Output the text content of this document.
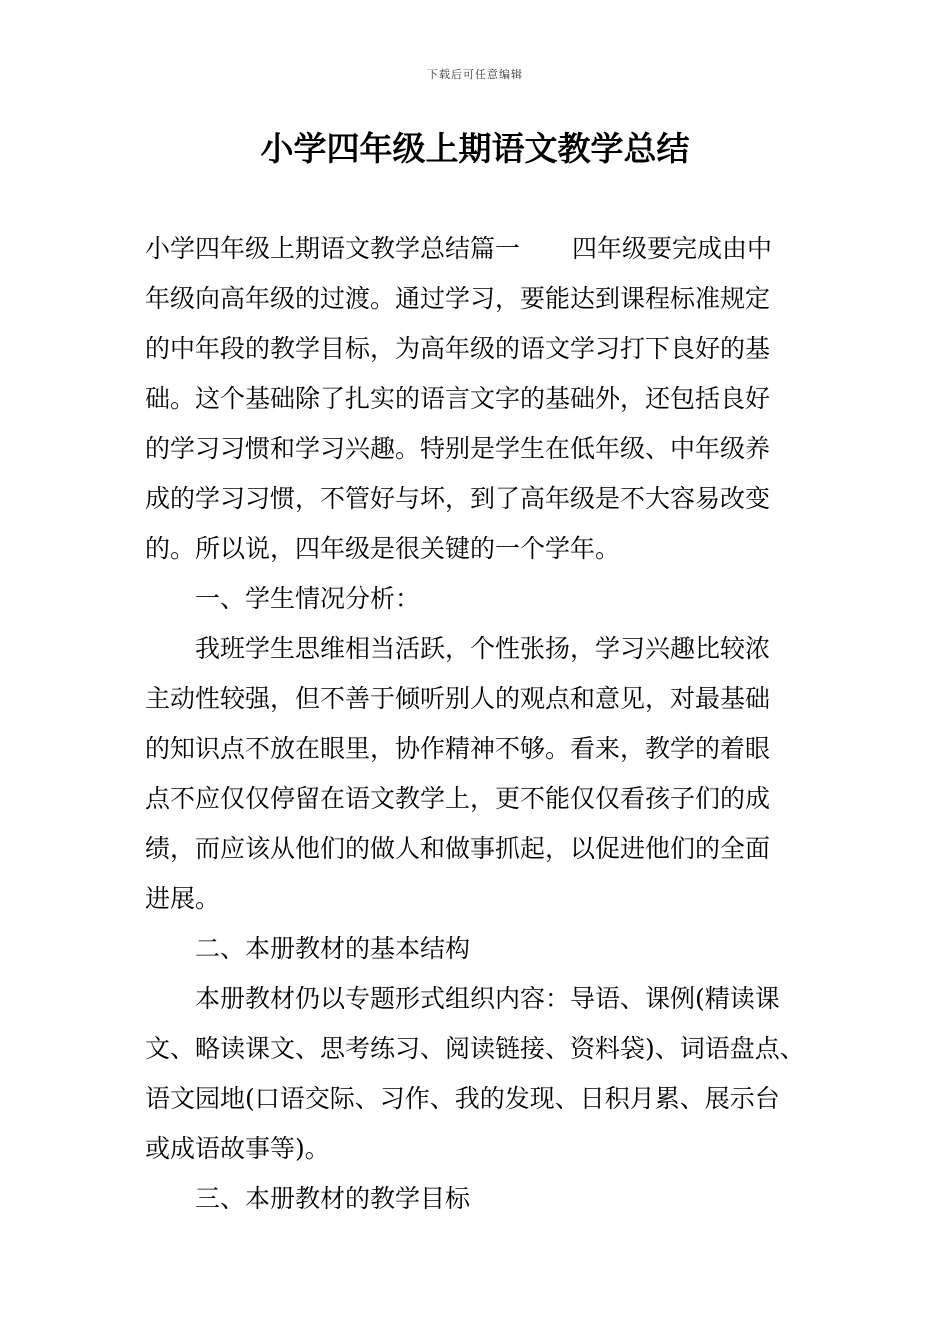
下载后可任意编辑
小学四年级上期语文教学总结
小学四年级上期语文教学总结篇一 四年级要完成由中
年级向高年级的过渡。通过学习，要能达到课程标准规定
的中年段的教学目标，为高年级的语文学习打下良好的基
础。这个基础除了扎实的语言文字的基础外，还包括良好
的学习习惯和学习兴趣。特别是学生在低年级、中年级养
成的学习习惯，不管好与坏，到了高年级是不大容易改变
的。所以说，四年级是很关键的一个学年。
一、学生情况分析：
我班学生思维相当活跃，个性张扬，学习兴趣比较浓
主动性较强，但不善于倾听别人的观点和意见，对最基础
的知识点不放在眼里，协作精神不够。看来，教学的着眼
点不应仅仅停留在语文教学上，更不能仅仅看孩子们的成
绩，而应该从他们的做人和做事抓起，以促进他们的全面
进展。
二、本册教材的基本结构
本册教材仍以专题形式组织内容：导语、课例(精读课
文、略读课文、思考练习、阅读链接、资料袋)、词语盘点、
语文园地(口语交际、习作、我的发现、日积月累、展示台
或成语故事等)。
三、本册教材的教学目标
